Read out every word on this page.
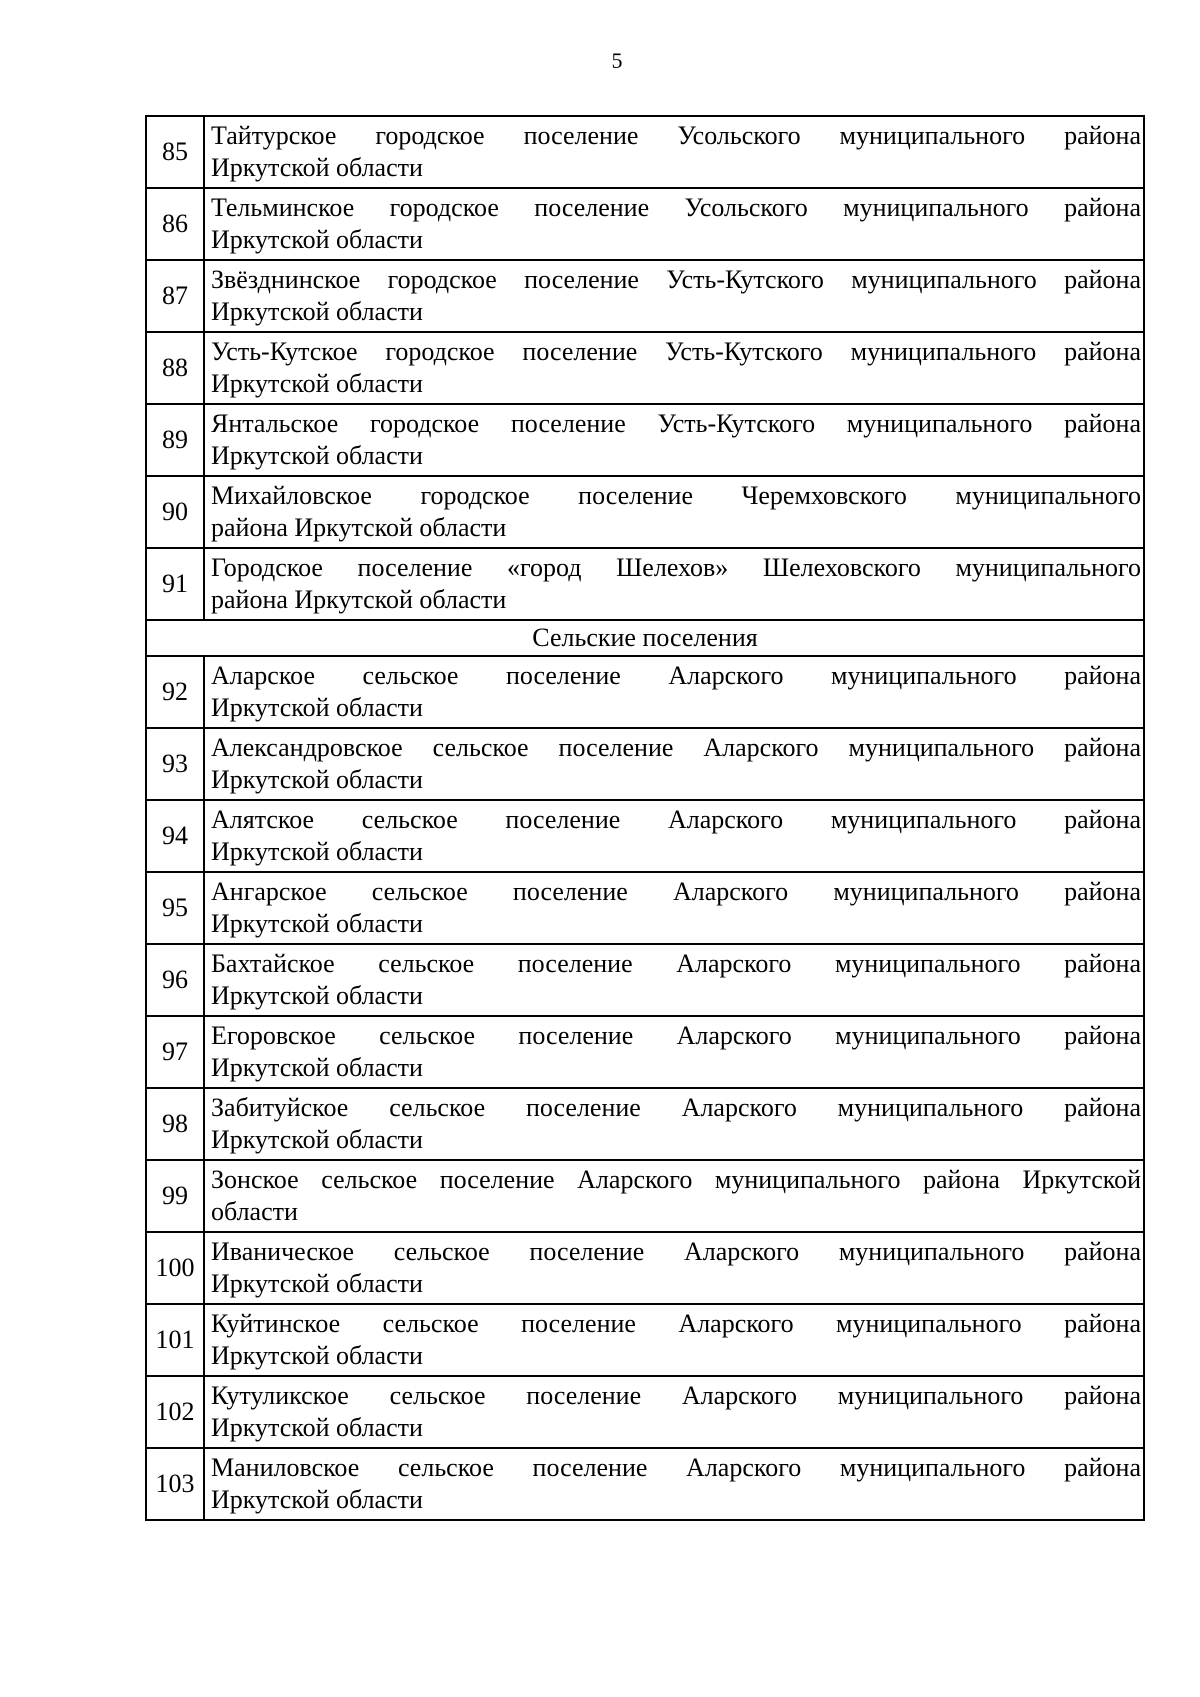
5
85	Тайтурское городское поселение Усольского муниципального района
Иркутской области

86	Тельминское городское поселение Усольского муниципального района
Иркутской области

87	Звёзднинское городское поселение Усть-Кутского муниципального района
Иркутской области

88	Усть-Кутское городское поселение Усть-Кутского муниципального района
Иркутской области

89	Янтальское городское поселение Усть-Кутского муниципального района
Иркутской области

90	Михайловское городское поселение Черемховского муниципального
района Иркутской области

91	Городское поселение «город Шелехов» Шелеховского муниципального
района Иркутской области

Сельские поселения	
92	Аларское сельское поселение Аларского муниципального района
Иркутской области

93	Александровское сельское поселение Аларского муниципального района
Иркутской области

94	Алятское сельское поселение Аларского муниципального района
Иркутской области

95	Ангарское сельское поселение Аларского муниципального района
Иркутской области

96	Бахтайское сельское поселение Аларского муниципального района
Иркутской области

97	Егоровское сельское поселение Аларского муниципального района
Иркутской области

98	Забитуйское сельское поселение Аларского муниципального района
Иркутской области

99	Зонское сельское поселение Аларского муниципального района Иркутской
области

100	Иваническое сельское поселение Аларского муниципального района
Иркутской области

101	Куйтинское сельское поселение Аларского муниципального района
Иркутской области

102	Кутуликское сельское поселение Аларского муниципального района
Иркутской области

103	Маниловское сельское поселение Аларского муниципального района
Иркутской области
